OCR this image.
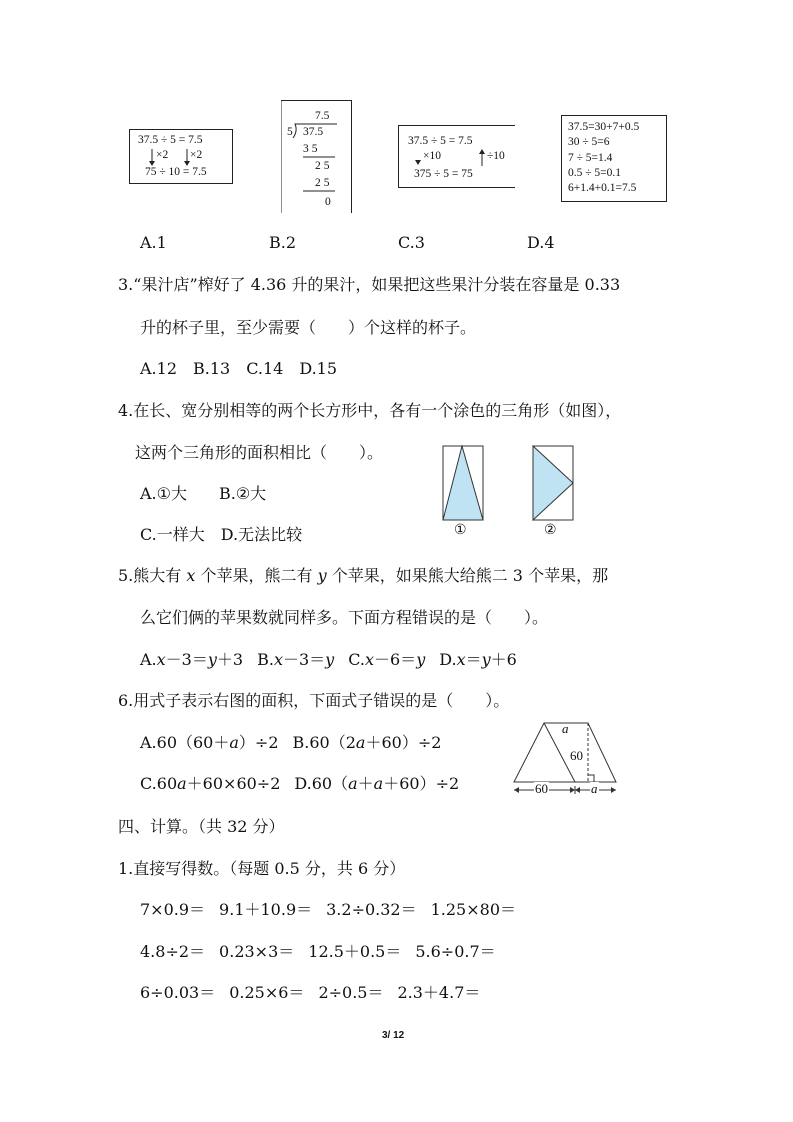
37.5 ÷ 5 = 7.5
×2 ×2
75 ÷ 10 = 7.5
7.5
5 37.5
35
25
25
0
37.5 ÷ 5 = 7.5
×10	÷10
375 ÷ 5 = 75
37.5=30+7+0.5
30 ÷ 5=6
7 ÷ 5=1.4
0.5 ÷ 5=0.1
6+1.4+0.1=7.5
A.1	B.2	C.3	D.4
3.“果汁店”榨好了 4.36 升的果汁，如果把这些果汁分装在容量是 0.33
升的杯子里，至少需要（　　）个这样的杯子。
A.12　B.13　C.14　D.15
4.在长、宽分别相等的两个长方形中，各有一个涂色的三角形（如图），
这两个三角形的面积相比（　　）。
A.①大　　B.②大
C.一样大　D.无法比较	①	②
5.熊大有 x 个苹果，熊二有 y 个苹果，如果熊大给熊二 3 个苹果，那
么它们俩的苹果数就同样多。下面方程错误的是（　　）。
A.x－3＝y＋3 B.x－3＝y C.x－6＝y D.x＝y＋6
6.用式子表示右图的面积，下面式子错误的是（　　）。
A.60（60＋a）÷2 B.60（2a＋60）÷2
C.60a＋60×60÷2 D.60（a＋a＋60）÷2
a
60
60	a
四、计算。（共 32 分）
1.直接写得数。（每题 0.5 分，共 6 分）
7×0.9＝ 9.1＋10.9＝ 3.2÷0.32＝ 1.25×80＝
4.8÷2＝ 0.23×3＝ 12.5＋0.5＝ 5.6÷0.7＝
6÷0.03＝ 0.25×6＝ 2÷0.5＝ 2.3＋4.7＝
3/ 12
